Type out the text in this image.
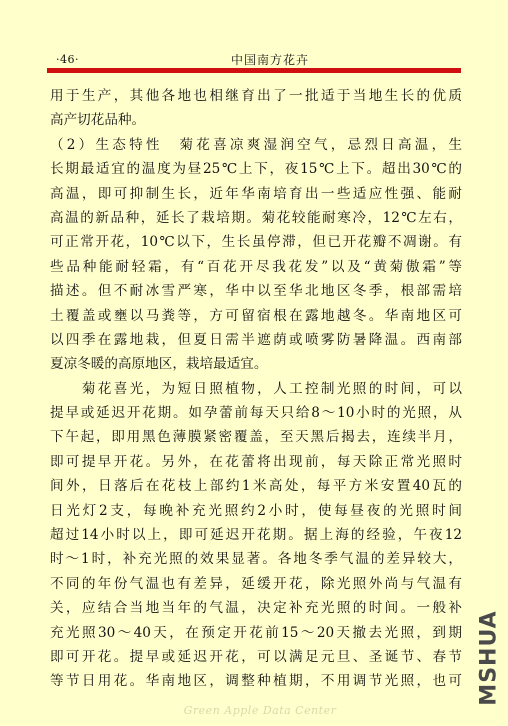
·46·	中国南方花卉
用于生产，其他各地也相继育出了一批适于当地生长的优质
高产切花品种。
（2）生态特性　菊花喜凉爽湿润空气，忌烈日高温，生
长期最适宜的温度为昼25℃上下，夜15℃上下。超出30℃的
高温，即可抑制生长，近年华南培育出一些适应性强、能耐
高温的新品种，延长了栽培期。菊花较能耐寒冷，12℃左右，
可正常开花，10℃以下，生长虽停滞，但已开花瓣不凋谢。有
些品种能耐轻霜，有“百花开尽我花发”以及“黄菊傲霜”等
描述。但不耐冰雪严寒，华中以至华北地区冬季，根部需培
土覆盖或壅以马粪等，方可留宿根在露地越冬。华南地区可
以四季在露地栽，但夏日需半遮荫或喷雾防暑降温。西南部
夏凉冬暖的高原地区，栽培最适宜。
　　菊花喜光，为短日照植物，人工控制光照的时间，可以
提早或延迟开花期。如孕蕾前每天只给8～10小时的光照，从
下午起，即用黑色薄膜紧密覆盖，至天黑后揭去，连续半月，
即可提早开花。另外，在花蕾将出现前，每天除正常光照时
间外，日落后在花枝上部约1米高处，每平方米安置40瓦的
日光灯2支，每晚补充光照约2小时，使每昼夜的光照时间
超过14小时以上，即可延迟开花期。据上海的经验，午夜12
时～1时，补充光照的效果显著。各地冬季气温的差异较大，
不同的年份气温也有差异，延缓开花，除光照外尚与气温有
关，应结合当地当年的气温，决定补充光照的时间。一般补
充光照30～40天，在预定开花前15～20天撤去光照，到期
即可开花。提早或延迟开花，可以满足元旦、圣诞节、春节
等节日用花。华南地区，调整种植期，不用调节光照，也可 MSHUA
Green Apple Data Center
